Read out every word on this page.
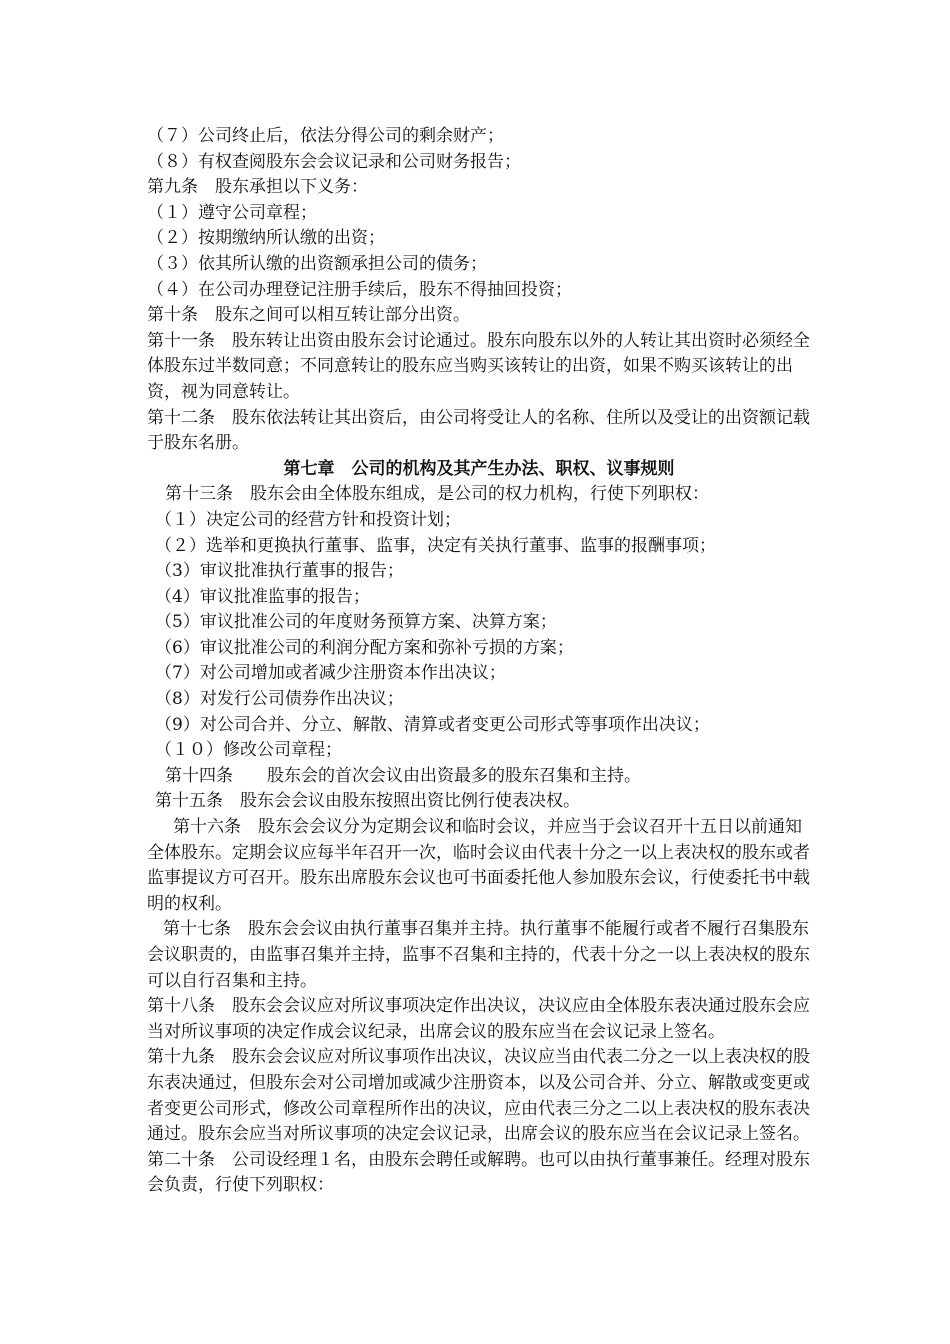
（７）公司终止后，依法分得公司的剩余财产；

（８）有权查阅股东会会议记录和公司财务报告；

第九条　股东承担以下义务：

（１）遵守公司章程；

（２）按期缴纳所认缴的出资；

（３）依其所认缴的出资额承担公司的债务；

（４）在公司办理登记注册手续后，股东不得抽回投资；

第十条　股东之间可以相互转让部分出资。

第十一条　股东转让出资由股东会讨论通过。股东向股东以外的人转让其出资时必须经全体股东过半数同意；不同意转让的股东应当购买该转让的出资，如果不购买该转让的出资，视为同意转让。

第十二条　股东依法转让其出资后，由公司将受让人的名称、住所以及受让的出资额记载于股东名册。

第七章　公司的机构及其产生办法、职权、议事规则

第十三条　股东会由全体股东组成，是公司的权力机构，行使下列职权：

（１）决定公司的经营方针和投资计划；

（２）选举和更换执行董事、监事，决定有关执行董事、监事的报酬事项；

（3）审议批准执行董事的报告；

（4）审议批准监事的报告；

（5）审议批准公司的年度财务预算方案、决算方案；

（6）审议批准公司的利润分配方案和弥补亏损的方案；

（7）对公司增加或者减少注册资本作出决议；

（8）对发行公司债券作出决议；

（9）对公司合并、分立、解散、清算或者变更公司形式等事项作出决议；

（１０）修改公司章程；

第十四条　　股东会的首次会议由出资最多的股东召集和主持。

第十五条　股东会会议由股东按照出资比例行使表决权。

第十六条　股东会会议分为定期会议和临时会议，并应当于会议召开十五日以前通知全体股东。定期会议应每半年召开一次，临时会议由代表十分之一以上表决权的股东或者监事提议方可召开。股东出席股东会议也可书面委托他人参加股东会议，行使委托书中载明的权利。

第十七条　股东会会议由执行董事召集并主持。执行董事不能履行或者不履行召集股东会议职责的，由监事召集并主持，监事不召集和主持的，代表十分之一以上表决权的股东可以自行召集和主持。

第十八条　股东会会议应对所议事项决定作出决议，决议应由全体股东表决通过股东会应当对所议事项的决定作成会议纪录，出席会议的股东应当在会议记录上签名。

第十九条　股东会会议应对所议事项作出决议，决议应当由代表二分之一以上表决权的股东表决通过，但股东会对公司增加或减少注册资本，以及公司合并、分立、解散或变更或者变更公司形式，修改公司章程所作出的决议，应由代表三分之二以上表决权的股东表决通过。股东会应当对所议事项的决定会议记录，出席会议的股东应当在会议记录上签名。

第二十条　公司设经理１名，由股东会聘任或解聘。也可以由执行董事兼任。经理对股东会负责，行使下列职权：
